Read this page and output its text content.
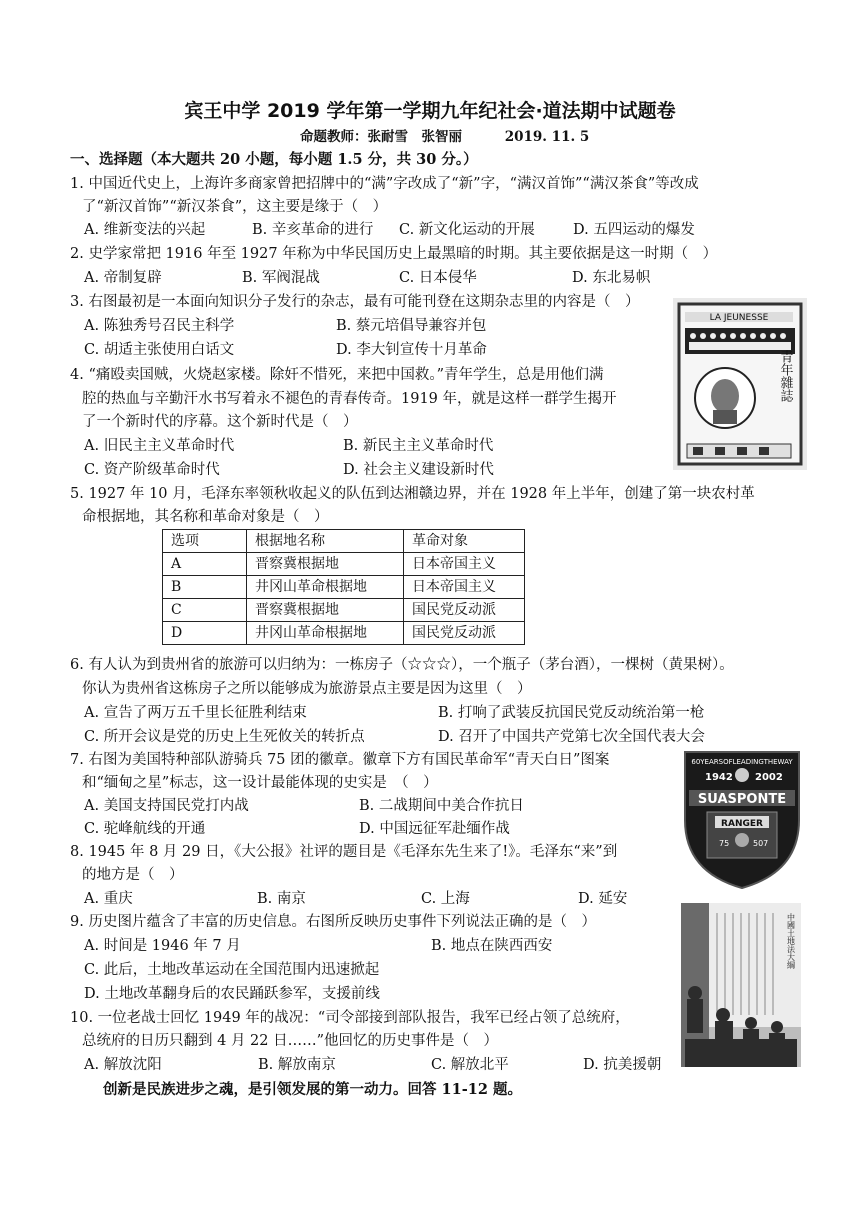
宾王中学 2019 学年第一学期九年纪社会·道法期中试题卷
命题教师：张耐雪　张智丽	2019. 11. 5
一、选择题（本大题共 20 小题，每小题 1.5 分，共 30 分。）
1. 中国近代史上，上海许多商家曾把招牌中的“满”字改成了“新”字，“满汉首饰”“满汉茶食”等改成
了“新汉首饰”“新汉茶食”，这主要是缘于（　）
A. 维新变法的兴起	B. 辛亥革命的进行 C. 新文化运动的开展	D. 五四运动的爆发
2. 史学家常把 1916 年至 1927 年称为中华民国历史上最黑暗的时期。其主要依据是这一时期（　）
A. 帝制复辟	B. 军阀混战	C. 日本侵华	D. 东北易帜
3. 右图最初是一本面向知识分子发行的杂志，最有可能刊登在这期杂志里的内容是（　）
A. 陈独秀号召民主科学	B. 蔡元培倡导兼容并包
C. 胡适主张使用白话文	D. 李大钊宣传十月革命
4. “痛殴卖国贼，火烧赵家楼。除奸不惜死，来把中国救。”青年学生，总是用他们满
腔的热血与辛勤汗水书写着永不褪色的青春传奇。1919 年，就是这样一群学生揭开
了一个新时代的序幕。这个新时代是（　）
A. 旧民主主义革命时代	B. 新民主主义革命时代
C. 资产阶级革命时代	D. 社会主义建设新时代
5. 1927 年 10 月，毛泽东率领秋收起义的队伍到达湘赣边界，并在 1928 年上半年，创建了第一块农村革
命根据地，其名称和革命对象是（　）
选项	根据地名称	革命对象
A	晋察冀根据地	日本帝国主义
B	井冈山革命根据地	日本帝国主义
C	晋察冀根据地	国民党反动派
D	井冈山革命根据地	国民党反动派
6. 有人认为到贵州省的旅游可以归纳为：一栋房子（☆☆☆），一个瓶子（茅台酒），一棵树（黄果树）。
你认为贵州省这栋房子之所以能够成为旅游景点主要是因为这里（　）
A. 宣告了两万五千里长征胜利结束	B. 打响了武装反抗国民党反动统治第一枪
C. 所开会议是党的历史上生死攸关的转折点	D. 召开了中国共产党第七次全国代表大会
7. 右图为美国特种部队游骑兵 75 团的徽章。徽章下方有国民革命军“青天白日”图案
和“缅甸之星”标志，这一设计最能体现的史实是　（　）
A. 美国支持国民党打内战	B. 二战期间中美合作抗日
C. 驼峰航线的开通	D. 中国远征军赴缅作战
8. 1945 年 8 月 29 日，《大公报》社评的题目是《毛泽东先生来了!》。毛泽东“来”到
的地方是（　）
A. 重庆	B. 南京	C. 上海	D. 延安
9. 历史图片蕴含了丰富的历史信息。右图所反映历史事件下列说法正确的是（　）
A. 时间是 1946 年 7 月	B. 地点在陕西西安
C. 此后，土地改革运动在全国范围内迅速掀起
D. 土地改革翻身后的农民踊跃参军，支援前线
10. 一位老战士回忆 1949 年的战况：“司令部接到部队报告，我军已经占领了总统府，
总统府的日历只翻到 4 月 22 日……”他回忆的历史事件是（　）
A. 解放沈阳	B. 解放南京	C. 解放北平	D. 抗美援朝
创新是民族进步之魂，是引领发展的第一动力。回答 11-12 题。
LA JEUNESSE
青年雜誌
60YEARSOFLEADINGTHEWAY
1942 2002
SUASPONTE
RANGER
75	507
中國土地法大綱
